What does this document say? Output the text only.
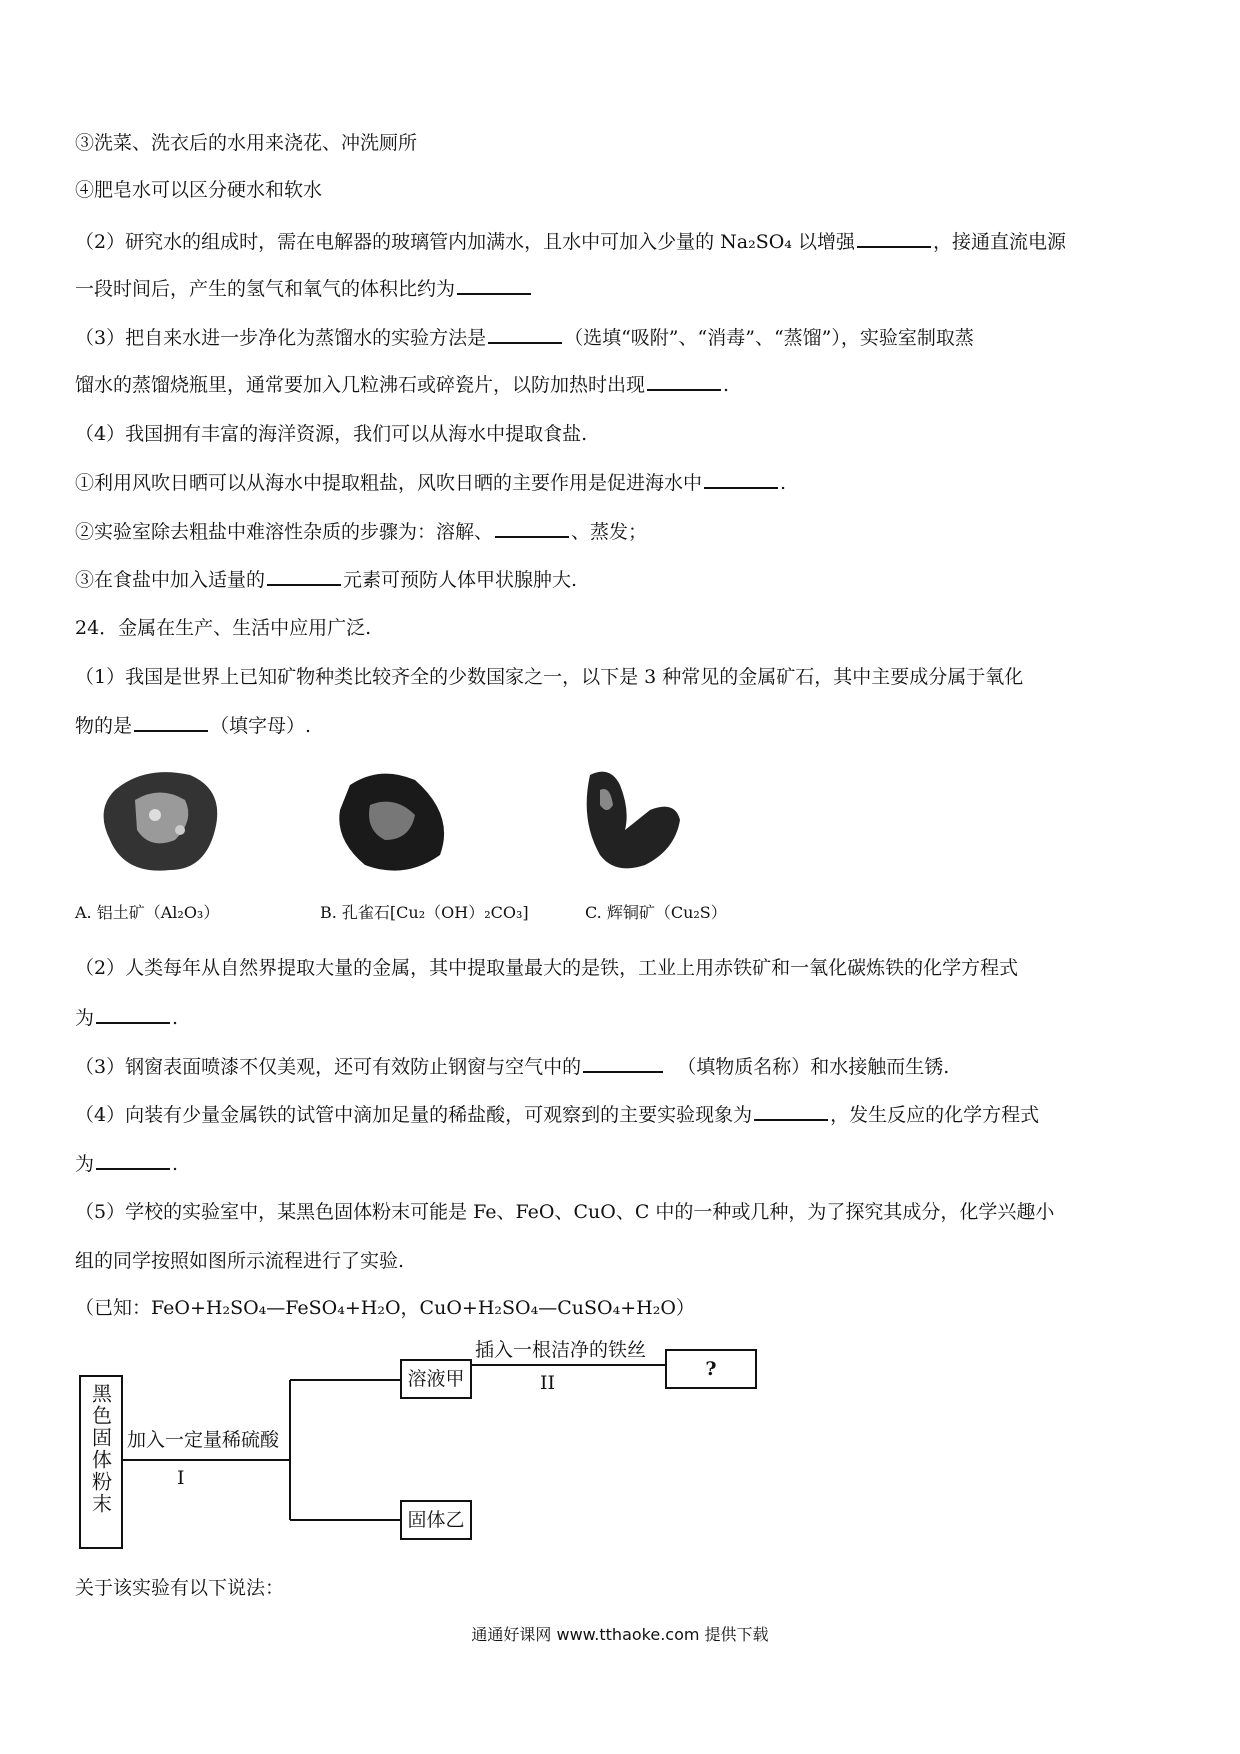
③洗菜、洗衣后的水用来浇花、冲洗厕所
④肥皂水可以区分硬水和软水
（2）研究水的组成时，需在电解器的玻璃管内加满水，且水中可加入少量的 Na₂SO₄ 以增强	，接通直流电源
一段时间后，产生的氢气和氧气的体积比约为
（3）把自来水进一步净化为蒸馏水的实验方法是	（选填“吸附”、“消毒”、“蒸馏”），实验室制取蒸
馏水的蒸馏烧瓶里，通常要加入几粒沸石或碎瓷片，以防加热时出现	.
（4）我国拥有丰富的海洋资源，我们可以从海水中提取食盐.
①利用风吹日晒可以从海水中提取粗盐，风吹日晒的主要作用是促进海水中	.
②实验室除去粗盐中难溶性杂质的步骤为：溶解、	、蒸发；
③在食盐中加入适量的	元素可预防人体甲状腺肿大.
24．金属在生产、生活中应用广泛.
（1）我国是世界上已知矿物种类比较齐全的少数国家之一，以下是 3 种常见的金属矿石，其中主要成分属于氧化
物的是	（填字母）.
A. 铝土矿（Al₂O₃）	B. 孔雀石[Cu₂（OH）₂CO₃]	C. 辉铜矿（Cu₂S）
（2）人类每年从自然界提取大量的金属，其中提取量最大的是铁，工业上用赤铁矿和一氧化碳炼铁的化学方程式
为	.
（3）钢窗表面喷漆不仅美观，还可有效防止钢窗与空气中的	（填物质名称）和水接触而生锈.
（4）向装有少量金属铁的试管中滴加足量的稀盐酸，可观察到的主要实验现象为	，发生反应的化学方程式
为	.
（5）学校的实验室中，某黑色固体粉末可能是 Fe、FeO、CuO、C 中的一种或几种，为了探究其成分，化学兴趣小
组的同学按照如图所示流程进行了实验.
（已知：FeO+H₂SO₄—FeSO₄+H₂O，CuO+H₂SO₄—CuSO₄+H₂O）
黑色固体粉末 加入一定量稀硫酸
I
溶液甲
插入一根洁净的铁丝
II
?
固体乙
关于该实验有以下说法：
通通好课网 www.tthaoke.com 提供下载
